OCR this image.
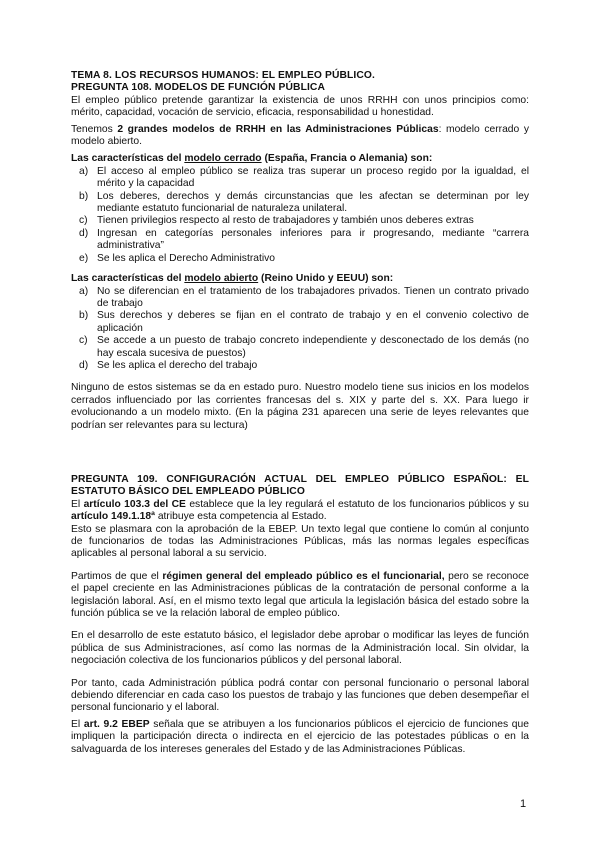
TEMA 8. LOS RECURSOS HUMANOS: EL EMPLEO PÚBLICO.

PREGUNTA 108. MODELOS DE FUNCIÓN PÚBLICA

El empleo público pretende garantizar la existencia de unos RRHH con unos principios como: mérito, capacidad, vocación de servicio, eficacia, responsabilidad u honestidad.

Tenemos 2 grandes modelos de RRHH en las Administraciones Públicas: modelo cerrado y modelo abierto.

Las características del modelo cerrado (España, Francia o Alemania) son:

a) El acceso al empleo público se realiza tras superar un proceso regido por la igualdad, el mérito y la capacidad
b) Los deberes, derechos y demás circunstancias que les afectan se determinan por ley mediante estatuto funcionarial de naturaleza unilateral.
c) Tienen privilegios respecto al resto de trabajadores y también unos deberes extras
d) Ingresan en categorías personales inferiores para ir progresando, mediante “carrera administrativa”
e) Se les aplica el Derecho Administrativo

Las características del modelo abierto (Reino Unido y EEUU) son:

a) No se diferencian en el tratamiento de los trabajadores privados. Tienen un contrato privado de trabajo
b) Sus derechos y deberes se fijan en el contrato de trabajo y en el convenio colectivo de aplicación
c) Se accede a un puesto de trabajo concreto independiente y desconectado de los demás (no hay escala sucesiva de puestos)
d) Se les aplica el derecho del trabajo

Ninguno de estos sistemas se da en estado puro. Nuestro modelo tiene sus inicios en los modelos cerrados influenciado por las corrientes francesas del s. XIX y parte del s. XX. Para luego ir evolucionando a un modelo mixto. (En la página 231 aparecen una serie de leyes relevantes que podrían ser relevantes para su lectura)

PREGUNTA 109. CONFIGURACIÓN ACTUAL DEL EMPLEO PÚBLICO ESPAÑOL: EL ESTATUTO BÁSICO DEL EMPLEADO PÚBLICO

El artículo 103.3 del CE establece que la ley regulará el estatuto de los funcionarios públicos y su artículo 149.1.18ª atribuye esta competencia al Estado.

Esto se plasmara con la aprobación de la EBEP. Un texto legal que contiene lo común al conjunto de funcionarios de todas las Administraciones Públicas, más las normas legales específicas aplicables al personal laboral a su servicio.

Partimos de que el régimen general del empleado público es el funcionarial, pero se reconoce el papel creciente en las Administraciones públicas de la contratación de personal conforme a la legislación laboral. Así, en el mismo texto legal que articula la legislación básica del estado sobre la función pública se ve la relación laboral de empleo público.

En el desarrollo de este estatuto básico, el legislador debe aprobar o modificar las leyes de función pública de sus Administraciones, así como las normas de la Administración local. Sin olvidar, la negociación colectiva de los funcionarios públicos y del personal laboral.

Por tanto, cada Administración pública podrá contar con personal funcionario o personal laboral debiendo diferenciar en cada caso los puestos de trabajo y las funciones que deben desempeñar el personal funcionario y el laboral.

El art. 9.2 EBEP señala que se atribuyen a los funcionarios públicos el ejercicio de funciones que impliquen la participación directa o indirecta en el ejercicio de las potestades públicas o en la salvaguarda de los intereses generales del Estado y de las Administraciones Públicas.

1
